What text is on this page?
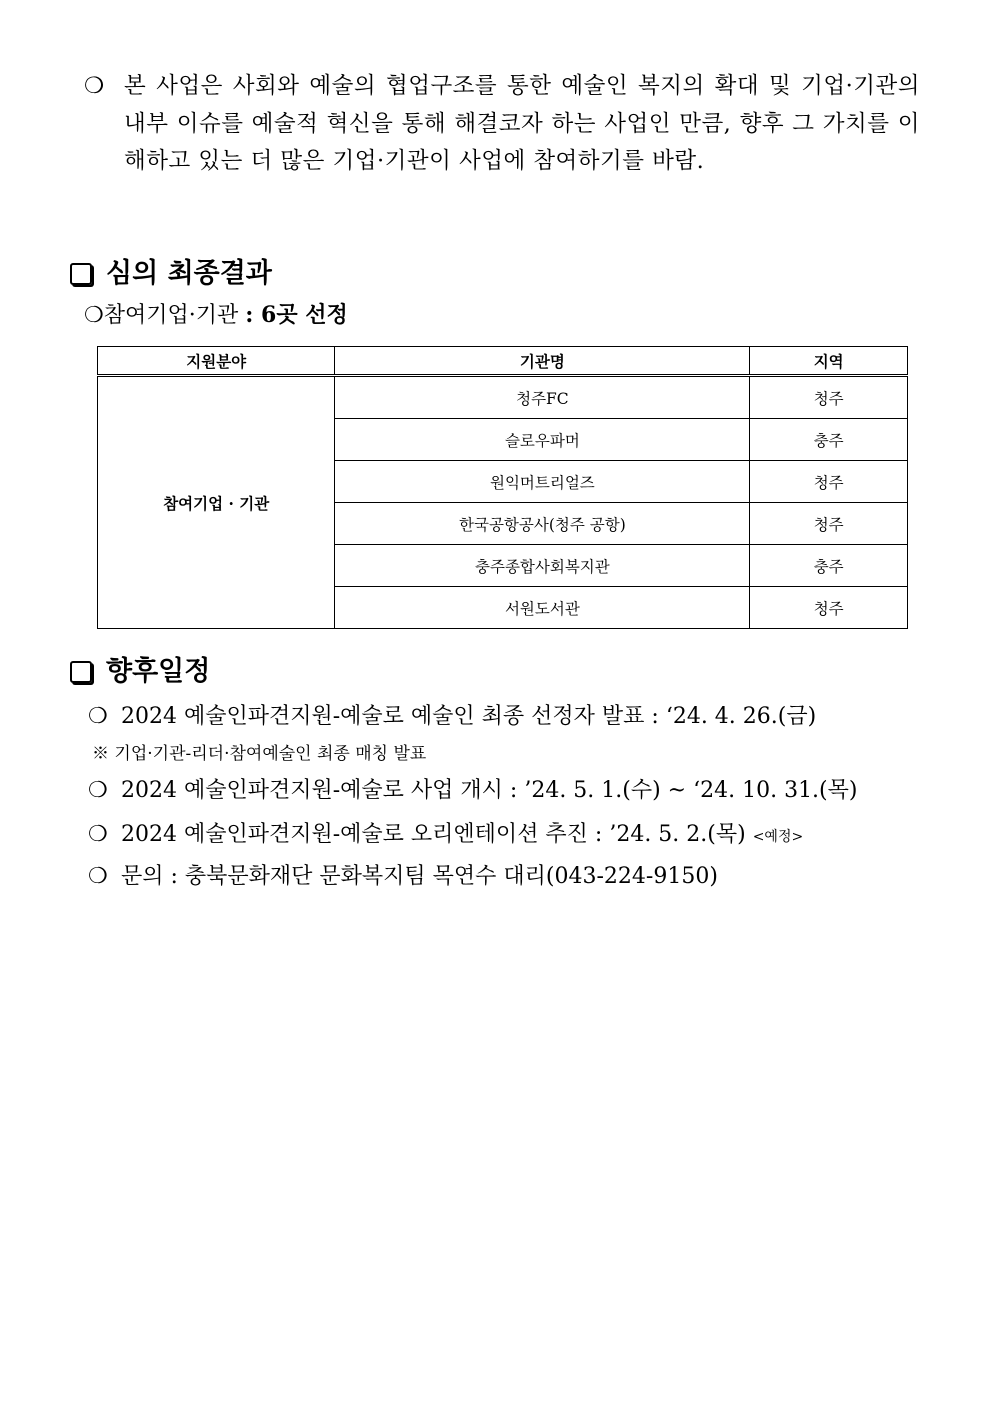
❍ 본 사업은 사회와 예술의 협업구조를 통한 예술인 복지의 확대 및 기업·기관의 내부 이슈를 예술적 혁신을 통해 해결코자 하는 사업인 만큼, 향후 그 가치를 이해하고 있는 더 많은 기업·기관이 사업에 참여하기를 바람.
심의 최종결과
❍참여기업·기관 : 6곳 선정
지원분야	기관명	지역
참여기업 · 기관	청주FC	청주
	슬로우파머	충주
	원익머트리얼즈	청주
	한국공항공사(청주 공항)	청주
	충주종합사회복지관	충주
	서원도서관	청주
향후일정
❍ 2024 예술인파견지원-예술로 예술인 최종 선정자 발표 : ‘24. 4. 26.(금)
※ 기업·기관-리더·참여예술인 최종 매칭 발표
❍ 2024 예술인파견지원-예술로 사업 개시 : ’24. 5. 1.(수) ~ ‘24. 10. 31.(목)
❍ 2024 예술인파견지원-예술로 오리엔테이션 추진 : ’24. 5. 2.(목) <예정>
❍ 문의 : 충북문화재단 문화복지팀 목연수 대리(043-224-9150)
